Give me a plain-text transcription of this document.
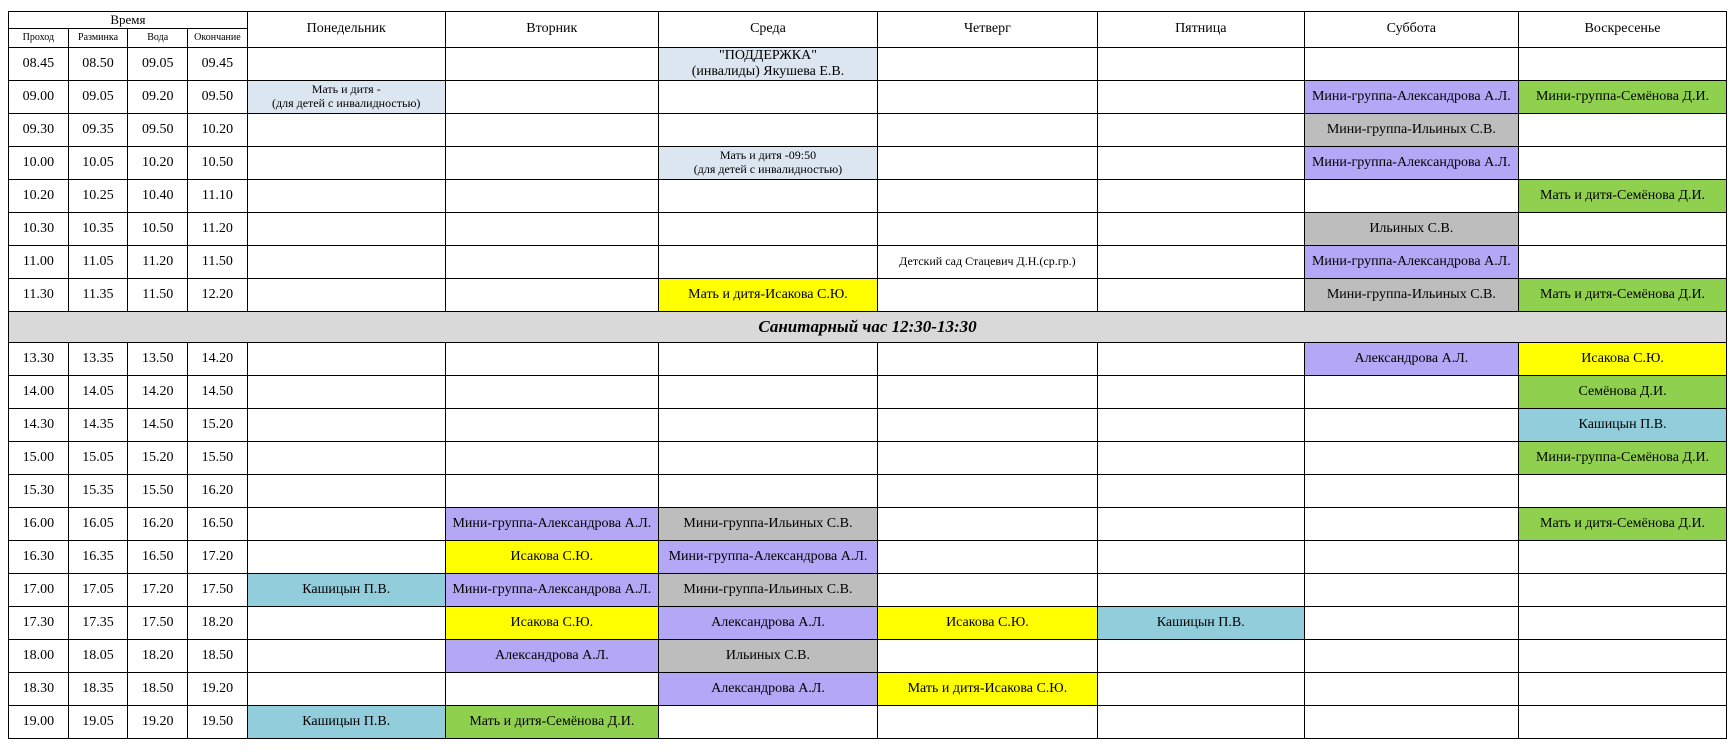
Время				Понедельник	Вторник	Среда	Четверг	Пятница	Суббота	Воскресенье
Проход	Разминка	Вода	Окончание							
08.45	08.50	09.05	09.45			"ПОДДЕРЖКА"
(инвалиды) Якушева Е.В.				
09.00	09.05	09.20	09.50	Мать и дитя -
(для детей с инвалидностью)					Мини-группа-Александрова А.Л.	Мини-группа-Семёнова Д.И.
09.30	09.35	09.50	10.20						Мини-группа-Ильиных С.В.	
10.00	10.05	10.20	10.50			Мать и дитя -09:50
(для детей с инвалидностью)			Мини-группа-Александрова А.Л.	
10.20	10.25	10.40	11.10							Мать и дитя-Семёнова Д.И.
10.30	10.35	10.50	11.20						Ильиных С.В.	
11.00	11.05	11.20	11.50				Детский сад Стацевич Д.Н.(ср.гр.)		Мини-группа-Александрова А.Л.	
11.30	11.35	11.50	12.20			Мать и дитя-Исакова С.Ю.			Мини-группа-Ильиных С.В.	Мать и дитя-Семёнова Д.И.
Санитарный час 12:30-13:30										
13.30	13.35	13.50	14.20						Александрова А.Л.	Исакова С.Ю.
14.00	14.05	14.20	14.50							Семёнова Д.И.
14.30	14.35	14.50	15.20							Кашицын П.В.
15.00	15.05	15.20	15.50							Мини-группа-Семёнова Д.И.
15.30	15.35	15.50	16.20							
16.00	16.05	16.20	16.50		Мини-группа-Александрова А.Л.	Мини-группа-Ильиных С.В.				Мать и дитя-Семёнова Д.И.
16.30	16.35	16.50	17.20		Исакова С.Ю.	Мини-группа-Александрова А.Л.				
17.00	17.05	17.20	17.50	Кашицын П.В.	Мини-группа-Александрова А.Л.	Мини-группа-Ильиных С.В.				
17.30	17.35	17.50	18.20		Исакова С.Ю.	Александрова А.Л.	Исакова С.Ю.	Кашицын П.В.		
18.00	18.05	18.20	18.50		Александрова А.Л.	Ильиных С.В.				
18.30	18.35	18.50	19.20			Александрова А.Л.	Мать и дитя-Исакова С.Ю.			
19.00	19.05	19.20	19.50	Кашицын П.В.	Мать и дитя-Семёнова Д.И.					
